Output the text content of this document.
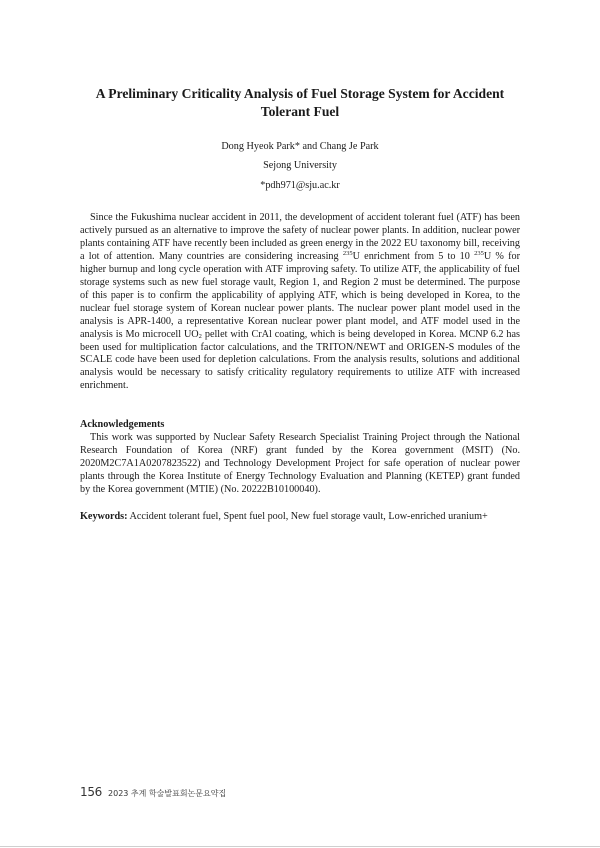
A Preliminary Criticality Analysis of Fuel Storage System for Accident Tolerant Fuel
Dong Hyeok Park* and Chang Je Park
Sejong University
*pdh971@sju.ac.kr

Since the Fukushima nuclear accident in 2011, the development of accident tolerant fuel (ATF) has been actively pursued as an alternative to improve the safety of nuclear power plants. In addition, nuclear power plants containing ATF have recently been included as green energy in the 2022 EU taxonomy bill, receiving a lot of attention. Many countries are considering increasing $^{235}$U enrichment from 5 to 10 $^{235}$U % for higher burnup and long cycle operation with ATF improving safety. To utilize ATF, the applicability of fuel storage systems such as new fuel storage vault, Region 1, and Region 2 must be determined. The purpose of this paper is to confirm the applicability of applying ATF, which is being developed in Korea, to the nuclear fuel storage system of Korean nuclear power plants. The nuclear power plant model used in the analysis is APR-1400, a representative Korean nuclear power plant model, and ATF model used in the analysis is Mo microcell $UO_2$ pellet with CrAl coating, which is being developed in Korea. MCNP 6.2 has been used for multiplication factor calculations, and the TRITON/NEWT and ORIGEN-S modules of the SCALE code have been used for depletion calculations. From the analysis results, solutions and additional analysis would be necessary to satisfy criticality regulatory requirements to utilize ATF with increased enrichment.

Acknowledgements

This work was supported by Nuclear Safety Research Specialist Training Project through the National Research Foundation of Korea (NRF) grant funded by the Korea government (MSIT) (No. 2020M2C7A1A0207823522) and Technology Development Project for safe operation of nuclear power plants through the Korea Institute of Energy Technology Evaluation and Planning (KETEP) grant funded by the Korea government (MTIE) (No. 20222B10100040).

Keywords: Accident tolerant fuel, Spent fuel pool, New fuel storage vault, Low-enriched uranium+
156 2023 추계 학술발표회논문요약집
